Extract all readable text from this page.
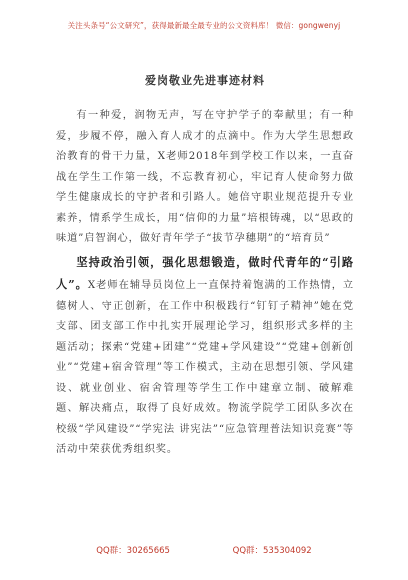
关注头条号“公文研究”，获得最新最全最专业的公文资料库！ 微信：gongwenyj
爱岗敬业先进事迹材料

有一种爱，润物无声，写在守护学子的奉献里；有一种爱，步履不停，融入育人成才的点滴中。作为大学生思想政治教育的骨干力量，X老师2018年到学校工作以来，一直奋战在学生工作第一线，不忘教育初心，牢记育人使命努力做学生健康成长的守护者和引路人。她倍守职业规范提升专业素养，情系学生成长，用“信仰的力量”培根铸魂，以“思政的味道”启智润心，做好青年学子“拔节孕穗期”的“培育员”

坚持政治引领，强化思想锻造，做时代青年的“引路人”。X老师在辅导员岗位上一直保持着饱满的工作热情，立德树人、守正创新，在工作中积极践行“钉钉子精神”她在党支部、团支部工作中扎实开展理论学习，组织形式多样的主题活动；探索“党建+团建”“党建+学风建设”“党建+创新创业”“党建+宿舍管理”等工作模式，主动在思想引领、学风建设、就业创业、宿舍管理等学生工作中建章立制、破解难题、解决痛点，取得了良好成效。物流学院学工团队多次在校级“学风建设”“学宪法 讲宪法”“应急管理普法知识竞赛”等活动中荣获优秀组织奖。

QQ群：30265665	QQ群：535304092
